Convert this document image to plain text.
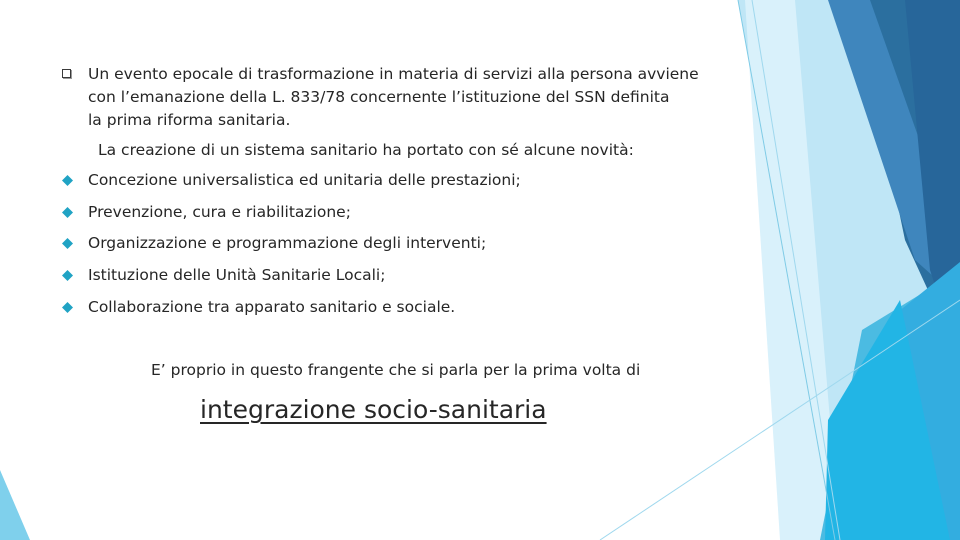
Un evento epocale di trasformazione in materia di servizi alla persona avviene
con l’emanazione della L. 833/78 concernente l’istituzione del SSN definita
la prima riforma sanitaria.
La creazione di un sistema sanitario ha portato con sé alcune novità:
Concezione universalistica ed unitaria delle prestazioni;
Prevenzione, cura e riabilitazione;
Organizzazione e programmazione degli interventi;
Istituzione delle Unità Sanitarie Locali;
Collaborazione tra apparato sanitario e sociale.
E’ proprio in questo frangente che si parla per la prima volta di
integrazione socio-sanitaria
